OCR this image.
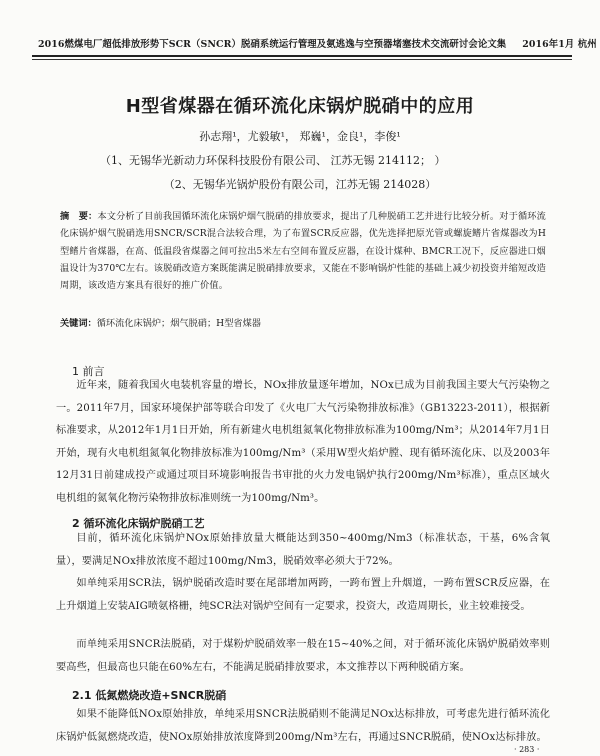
2016燃煤电厂超低排放形势下SCR（SNCR）脱硝系统运行管理及氨逃逸与空预器堵塞技术交流研讨会论文集 2016年1月 杭州
H型省煤器在循环流化床锅炉脱硝中的应用
孙志翔¹，尤毅敏¹， 郑巍¹，金良¹，李俊¹
（1、无锡华光新动力环保科技股份有限公司、 江苏无锡 214112； ）
（2、无锡华光锅炉股份有限公司，江苏无锡 214028）
摘　要：本文分析了目前我国循环流化床锅炉烟气脱硝的排放要求，提出了几种脱硝工艺并进行比较分析。对于循环流化床锅炉烟气脱硝选用SNCR/SCR混合法较合理，为了布置SCR反应器，优先选择把原光管或螺旋鳍片省煤器改为H型鳍片省煤器，在高、低温段省煤器之间可拉出5米左右空间布置反应器，在设计煤种、BMCR工况下，反应器进口烟温设计为370℃左右。该脱硝改造方案既能满足脱硝排放要求，又能在不影响锅炉性能的基础上减少初投资并缩短改造周期，该改造方案具有很好的推广价值。
关键词：循环流化床锅炉；烟气脱硝；H型省煤器
1 前言
近年来，随着我国火电装机容量的增长，NOx排放量逐年增加，NOx已成为目前我国主要大气污染物之一。2011年7月，国家环境保护部等联合印发了《火电厂大气污染物排放标准》（GB13223-2011），根据新标准要求，从2012年1月1日开始，所有新建火电机组氮氧化物排放标准为100mg/Nm³；从2014年7月1日开始，现有火电机组氮氧化物排放标准为100mg/Nm³（采用W型火焰炉膛、现有循环流化床、以及2003年12月31日前建成投产或通过项目环境影响报告书审批的火力发电锅炉执行200mg/Nm³标准），重点区域火电机组的氮氧化物污染物排放标准则统一为100mg/Nm³。
2 循环流化床锅炉脱硝工艺
目前，循环流化床锅炉NOx原始排放量大概能达到350~400mg/Nm3（标准状态，干基，6%含氧量），要满足NOx排放浓度不超过100mg/Nm3，脱硝效率必须大于72%。
如单纯采用SCR法，锅炉脱硝改造时要在尾部增加两跨，一跨布置上升烟道，一跨布置SCR反应器，在上升烟道上安装AIG喷氨格栅，纯SCR法对锅炉空间有一定要求，投资大，改造周期长，业主较难接受。
而单纯采用SNCR法脱硝，对于煤粉炉脱硝效率一般在15~40%之间，对于循环流化床锅炉脱硝效率则要高些，但最高也只能在60%左右，不能满足脱硝排放要求，本文推荐以下两种脱硝方案。
2.1 低氮燃烧改造+SNCR脱硝
如果不能降低NOx原始排放，单纯采用SNCR法脱硝则不能满足NOx达标排放，可考虑先进行循环流化床锅炉低氮燃烧改造，使NOx原始排放浓度降到200mg/Nm³左右，再通过SNCR脱硝，使NOx达标排放。
· 283 ·
